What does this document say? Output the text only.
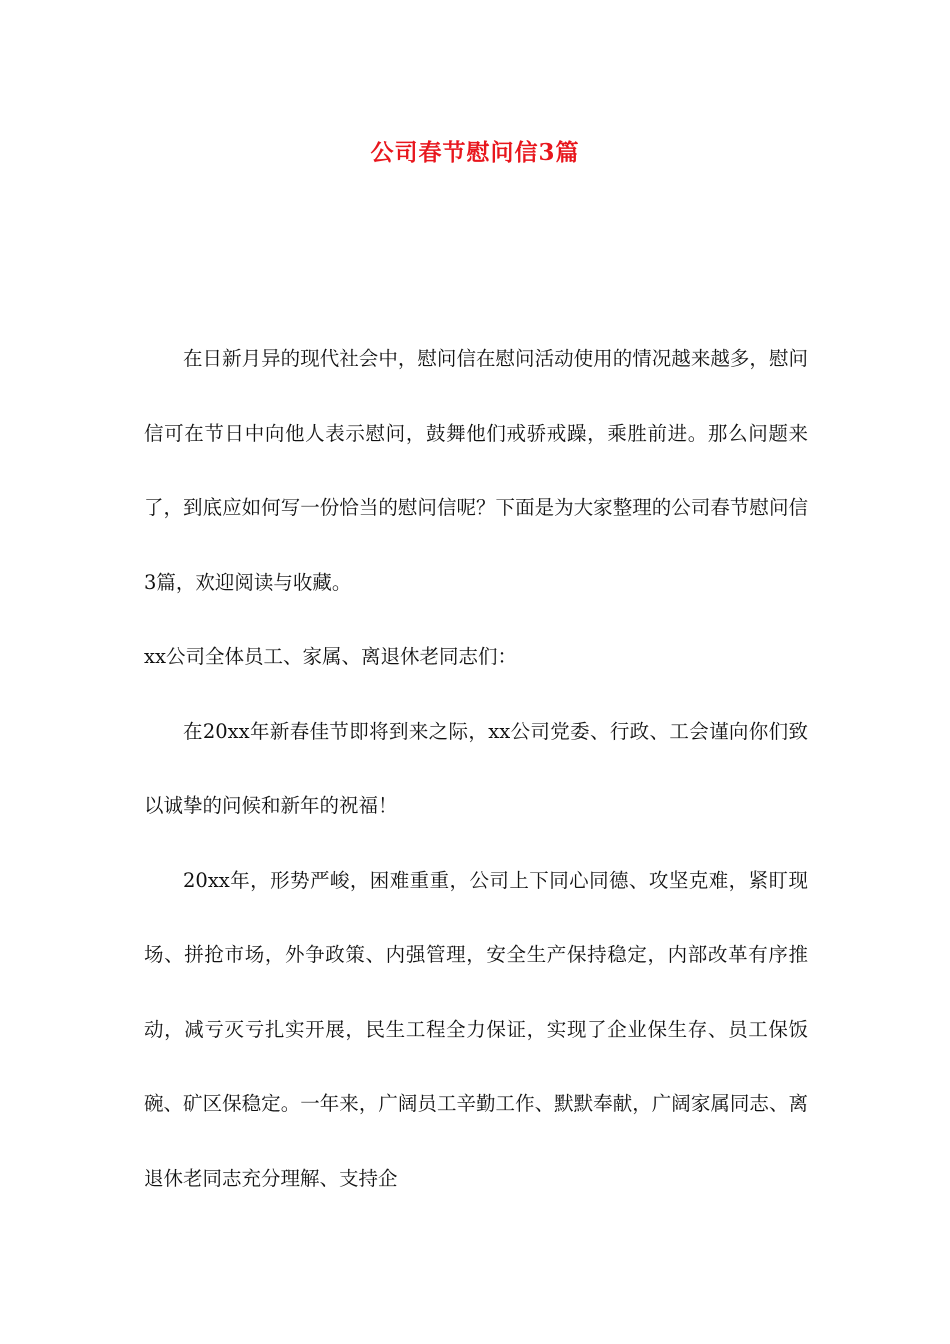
公司春节慰问信3篇

在日新月异的现代社会中，慰问信在慰问活动使用的情况越来越多，慰问信可在节日中向他人表示慰问，鼓舞他们戒骄戒躁，乘胜前进。那么问题来了，到底应如何写一份恰当的慰问信呢？下面是为大家整理的公司春节慰问信3篇，欢迎阅读与收藏。

xx公司全体员工、家属、离退休老同志们：

在20xx年新春佳节即将到来之际，xx公司党委、行政、工会谨向你们致以诚挚的问候和新年的祝福！

20xx年，形势严峻，困难重重，公司上下同心同德、攻坚克难，紧盯现场、拼抢市场，外争政策、内强管理，安全生产保持稳定，内部改革有序推动，减亏灭亏扎实开展，民生工程全力保证，实现了企业保生存、员工保饭碗、矿区保稳定。一年来，广阔员工辛勤工作、默默奉献，广阔家属同志、离退休老同志充分理解、支持企
